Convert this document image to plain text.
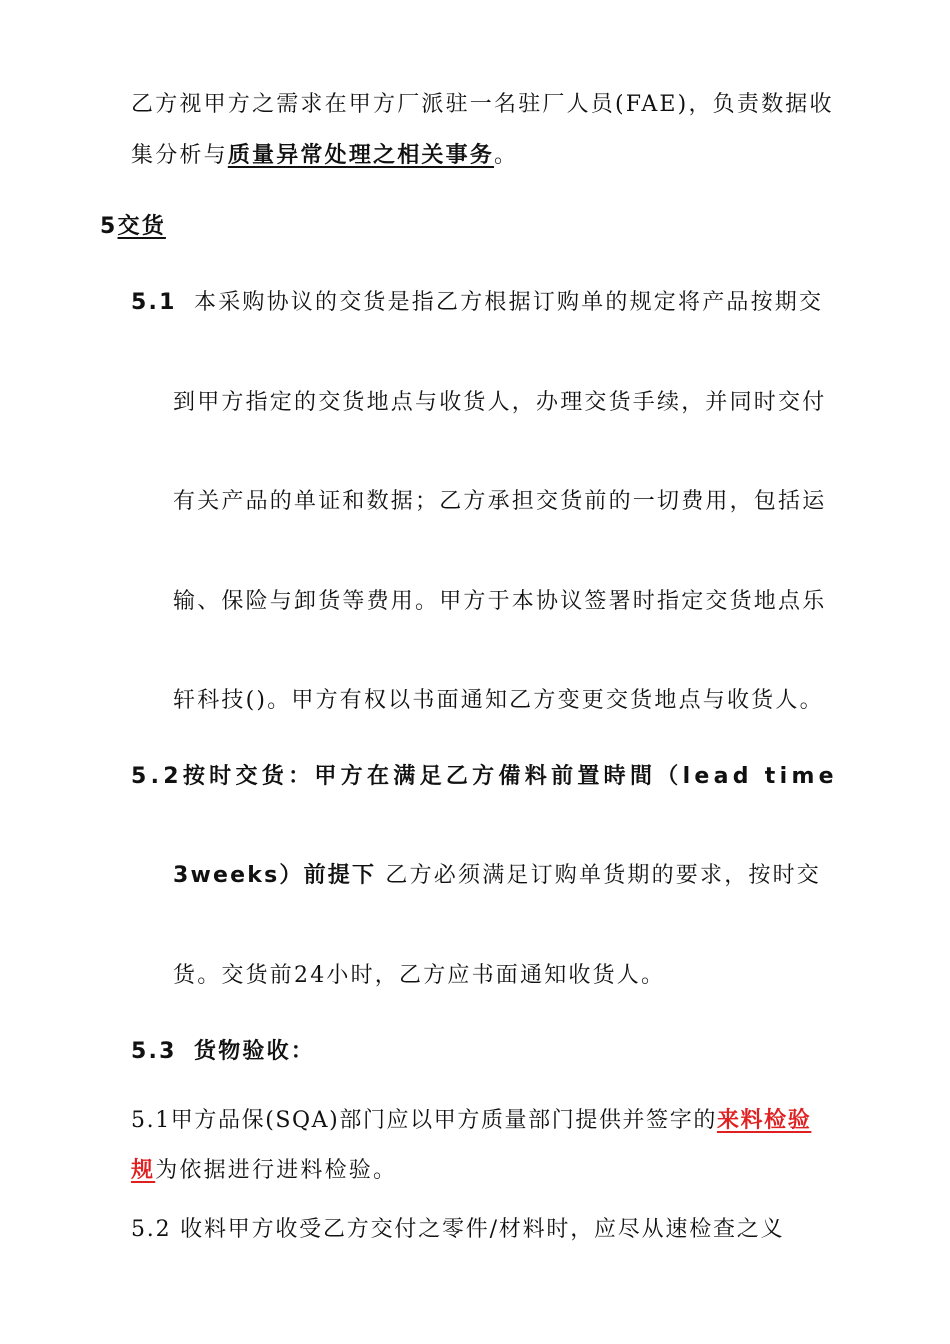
乙方视甲方之需求在甲方厂派驻一名驻厂人员(FAE)，负责数据收
集分析与质量异常处理之相关事务。
5交货
5.1 本采购协议的交货是指乙方根据订购单的规定将产品按期交
到甲方指定的交货地点与收货人，办理交货手续，并同时交付
有关产品的单证和数据；乙方承担交货前的一切费用，包括运
输、保险与卸货等费用。甲方于本协议签署时指定交货地点乐
轩科技()。甲方有权以书面通知乙方变更交货地点与收货人。
5.2按时交货：甲方在满足乙方備料前置時間（lead time
3weeks）前提下 乙方必须满足订购单货期的要求，按时交
货。交货前24小时，乙方应书面通知收货人。
5.3 货物验收：
5.1甲方品保(SQA)部门应以甲方质量部门提供并签字的来料检验
规为依据进行进料检验。
5.2 收料甲方收受乙方交付之零件/材料时，应尽从速检查之义
